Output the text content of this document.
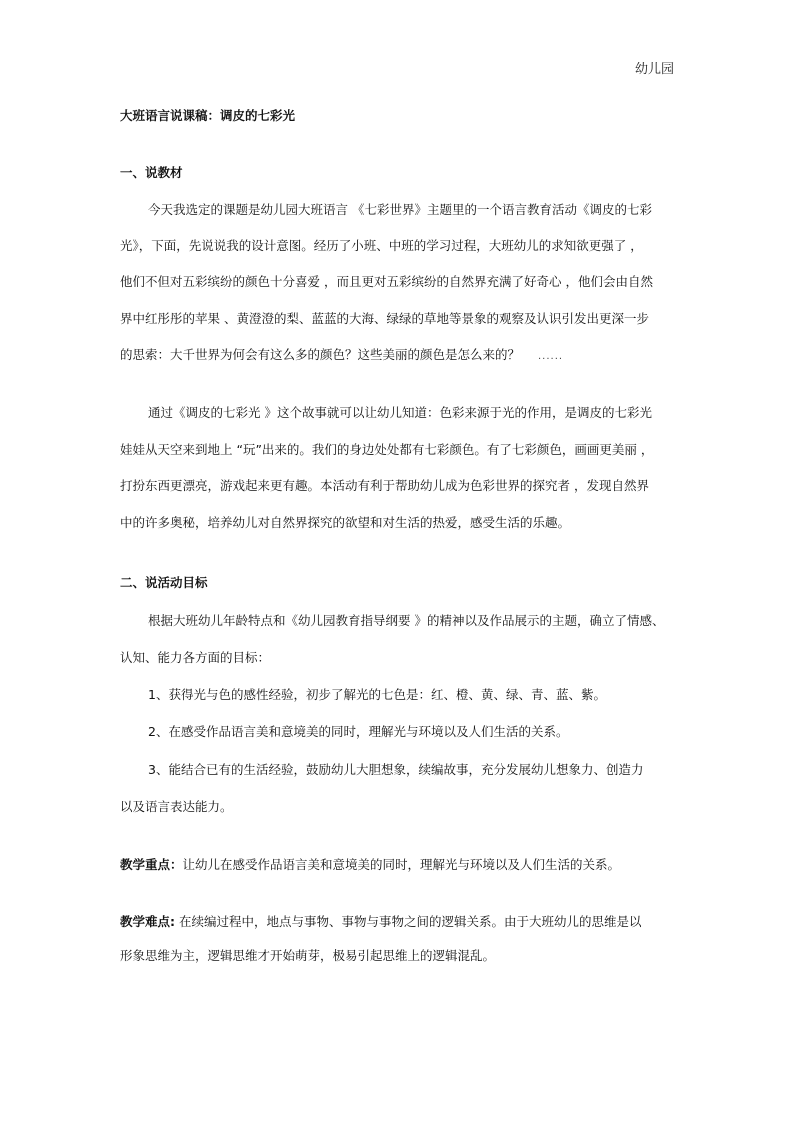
幼儿园
大班语言说课稿：调皮的七彩光
一、说教材
今天我选定的课题是幼儿园大班语言 《七彩世界》主题里的一个语言教育活动《调皮的七彩
光》，下面，先说说我的设计意图。经历了小班、中班的学习过程，大班幼儿的求知欲更强了 ，
他们不但对五彩缤纷的颜色十分喜爱 ，而且更对五彩缤纷的自然界充满了好奇心 ，他们会由自然
界中红彤彤的苹果 、黄澄澄的梨、蓝蓝的大海、绿绿的草地等景象的观察及认识引发出更深一步
的思索：大千世界为何会有这么多的颜色？这些美丽的颜色是怎么来的？ ......
通过《调皮的七彩光 》这个故事就可以让幼儿知道：色彩来源于光的作用，是调皮的七彩光
娃娃从天空来到地上 “玩”出来的。我们的身边处处都有七彩颜色。有了七彩颜色，画画更美丽 ，
打扮东西更漂亮，游戏起来更有趣。本活动有利于帮助幼儿成为色彩世界的探究者 ，发现自然界
中的许多奥秘，培养幼儿对自然界探究的欲望和对生活的热爱，感受生活的乐趣。
二、说活动目标
根据大班幼儿年龄特点和《幼儿园教育指导纲要 》的精神以及作品展示的主题，确立了情感、
认知、能力各方面的目标：
1、获得光与色的感性经验，初步了解光的七色是：红、橙、黄、绿、青、蓝、紫。
2、在感受作品语言美和意境美的同时，理解光与环境以及人们生活的关系。
3、能结合已有的生活经验，鼓励幼儿大胆想象，续编故事，充分发展幼儿想象力、创造力
以及语言表达能力。
教学重点：让幼儿在感受作品语言美和意境美的同时，理解光与环境以及人们生活的关系。
教学难点: 在续编过程中，地点与事物、事物与事物之间的逻辑关系。由于大班幼儿的思维是以
形象思维为主，逻辑思维才开始萌芽，极易引起思维上的逻辑混乱。
